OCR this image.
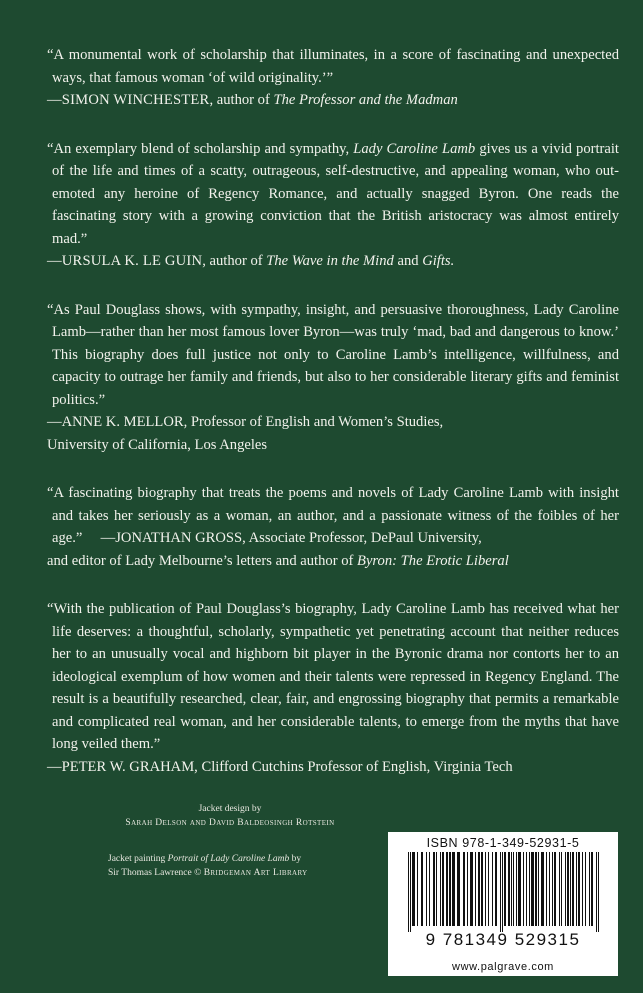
“A monumental work of scholarship that illuminates, in a score of fascinating and unexpected ways, that famous woman ‘of wild originality.’”

—SIMON WINCHESTER, author of The Professor and the Madman

“An exemplary blend of scholarship and sympathy, Lady Caroline Lamb gives us a vivid portrait of the life and times of a scatty, outrageous, self-destructive, and appealing woman, who out-emoted any heroine of Regency Romance, and actually snagged Byron. One reads the fascinating story with a growing conviction that the British aristocracy was almost entirely mad.”

—URSULA K. LE GUIN, author of The Wave in the Mind and Gifts.

“As Paul Douglass shows, with sympathy, insight, and persuasive thoroughness, Lady Caroline Lamb—rather than her most famous lover Byron—was truly ‘mad, bad and dangerous to know.’ This biography does full justice not only to Caroline Lamb’s intelligence, willfulness, and capacity to outrage her family and friends, but also to her considerable literary gifts and feminist politics.”

—ANNE K. MELLOR, Professor of English and Women’s Studies,

University of California, Los Angeles

“A fascinating biography that treats the poems and novels of Lady Caroline Lamb with insight and takes her seriously as a woman, an author, and a passionate witness of the foibles of her age.” —JONATHAN GROSS, Associate Professor, DePaul University,

and editor of Lady Melbourne’s letters and author of Byron: The Erotic Liberal

“With the publication of Paul Douglass’s biography, Lady Caroline Lamb has received what her life deserves: a thoughtful, scholarly, sympathetic yet penetrating account that neither reduces her to an unusually vocal and highborn bit player in the Byronic drama nor contorts her to an ideological exemplum of how women and their talents were repressed in Regency England. The result is a beautifully researched, clear, fair, and engrossing biography that permits a remarkable and complicated real woman, and her considerable talents, to emerge from the myths that have long veiled them.”

—PETER W. GRAHAM, Clifford Cutchins Professor of English, Virginia Tech

Jacket design by
Sarah Delson and David Baldeosingh Rotstein
Jacket painting Portrait of Lady Caroline Lamb by
Sir Thomas Lawrence © Bridgeman Art Library
ISBN 978-1-349-52931-5
9 781349 529315
www.palgrave.com
